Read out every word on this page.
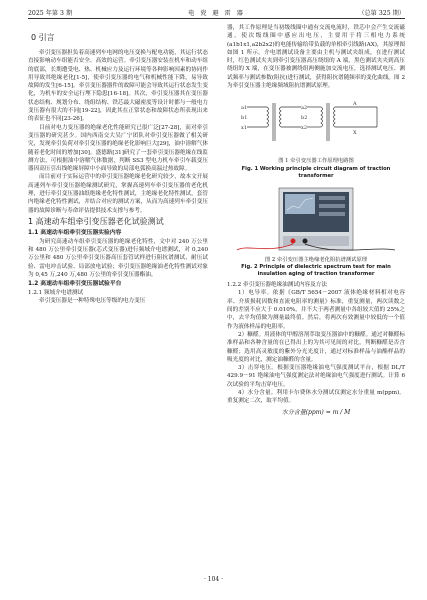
2025 年第 3 期	电 瓷 避 雷 器	（总第 325 期）
0 引言

牵引变压器担负着高速列车电网的电压变换与配电功能，其运行状态直接影响动车组能否安全、高效的运营。牵引变压器安装在机车和动车组的底部，长期遭受电、热、机械应力及运行环境等各种影响因素的协同作用导致其绝缘老化[1-5]，使牵引变压器的电气和机械性能下降，易导致故障的发生[6-15]。牵引变压器器件的故障可能会导致其运行状态发生变化，为机车的安全运行埋下隐患[16-18]。其次，牵引变压器其在变压器状态结构、规划分布、绕组结构、铁芯最大磁密度等设计时都与一般电力变压器有很大的不同[19-22]，因此其在正常状态和故障状态所表现出来的表征也不同[23-26]。

目前对电力变压器的绝缘老化性能研究已很广泛[27-28]，而对牵引变压器的研究甚少。国内西南交大吴广宁团队对牵引变压器做了相关研究，发现牵引负荷对牵引变压器的绝缘老化影响巨大[29]，油中溶解气体随着老化时间的增加[30]。盛德路[31]研究了一套牵引变压器绝缘在线监测方法，可根据油中溶解气体数据，判断 SS3 型电力机车牵引车载变压器因高压引出线绝缘屏障中小面导致的局部电弧换高温过热故障。

而目前对于实际运营中的牵引变压器绝缘老化研究较少，故本文开展高速列车牵引变压器绝缘测试研究，掌握高速列车牵引变压器的老化机理，进行牵引变压器油纸绝缘老化特性测试，主绝缘老化特性测试，套管内绝缘老化特性测试，并结合对应的测试方案，从而为高速列车牵引变压器的故障诊断与寿命评估提供技术支撑与参考。

1 高速动车组牵引变压器老化试验测试
1.1 高速动车组牵引变压器实验内容

为研究高速动车组牵引变压器的绝缘老化特性，文中对 240 万公里和 480 万公里牵引变压器(芯式变压器)进行频域介电谱测试，对 0,240 万公里和 480 万公里牵引变压器高压套管试样进行阻抗谱测试、耐压试验、雷电冲击试验、局部放电试验；牵引变压器绝缘油老化特性测试对象为 0,45 万,240 万,480 万公里的牵引变压器酯油。

1.2 高速动车组牵引变压器试验平台
1.2.1 频域介电谱测试

牵引变压器是一种特殊电压等级的电力变压

器，其工作原理是当初级线圈中通有交流电流时，铁芯中会产生交流磁通，使次级线圈中感应出电压，主要用于将三相电力系统(a1b1x1,a2b2x2)的电能传输给带负载的单相牵引线路(AX)，其原理图如图 1 所示。介电谱测试设备主要由主机与测试夹组成，在进行测试时，红色测试夹夹到牵引变压器高压绕组的 A 端，黑色测试夹夹到高压绕组的 X 端，在变压器被测绕组两侧施加交流电压，选择测试电压、测试频率与测试参数(阻抗)进行测试，获得阻抗谱随频率的变化曲线。图 2 为牵引变压器主绝缘频域阻抗谱测试原理。

a1
b1
x1
a2
b2
x2
A
X
图 1 牵引变压器工作原理电路图
Fig. 1 Working principle circuit diagram of traction transformer
图 2 牵引变压器主绝缘老化阻抗谱测试原理
Fig. 2 Principle of dielectric spectrum test for main insulation aging of traction transformer
1.2.2 牵引变压器绝缘油测试内容及方法

1）电导率。依据《GB/T 5654－2007 液体绝缘材料相对电容率、介质损耗因数和直流电阻率的测量》标准，重复测量，两次读数之间的差别不应大于 0.010%，并不大于两者测量中各组较大值的 25%之中，去平均值做为测量最终值。然后，将两次有效测量中较低的一个值作为液体样品的电阻率。

2）糠醛。用液体的甲醇溶剂萃取变压器油中的糠醛。通过对糠醛标准样品和各种含量的在已得出上的为其可见间的对比，判断糠醛是否含糠醛；选用高灵敏度的紫外分光光度计，通过对标准样品与油酯样品的吸光度的对比，测定油糠醛的含量。

3）击穿电压。根据变压器绝缘油电气强度测试平台，根据 DL/T 429.9－91 绝缘油电气强度测定法对绝缘油电气强度进行测试。计算 6 次试验的平均击穿电压。

4）水分含量。利用卡尔费休水分测试仪测定水分重量 m(ppm)。重复测定二次，取平均值。

水分含量(ppm) = m / M
· 104 ·
